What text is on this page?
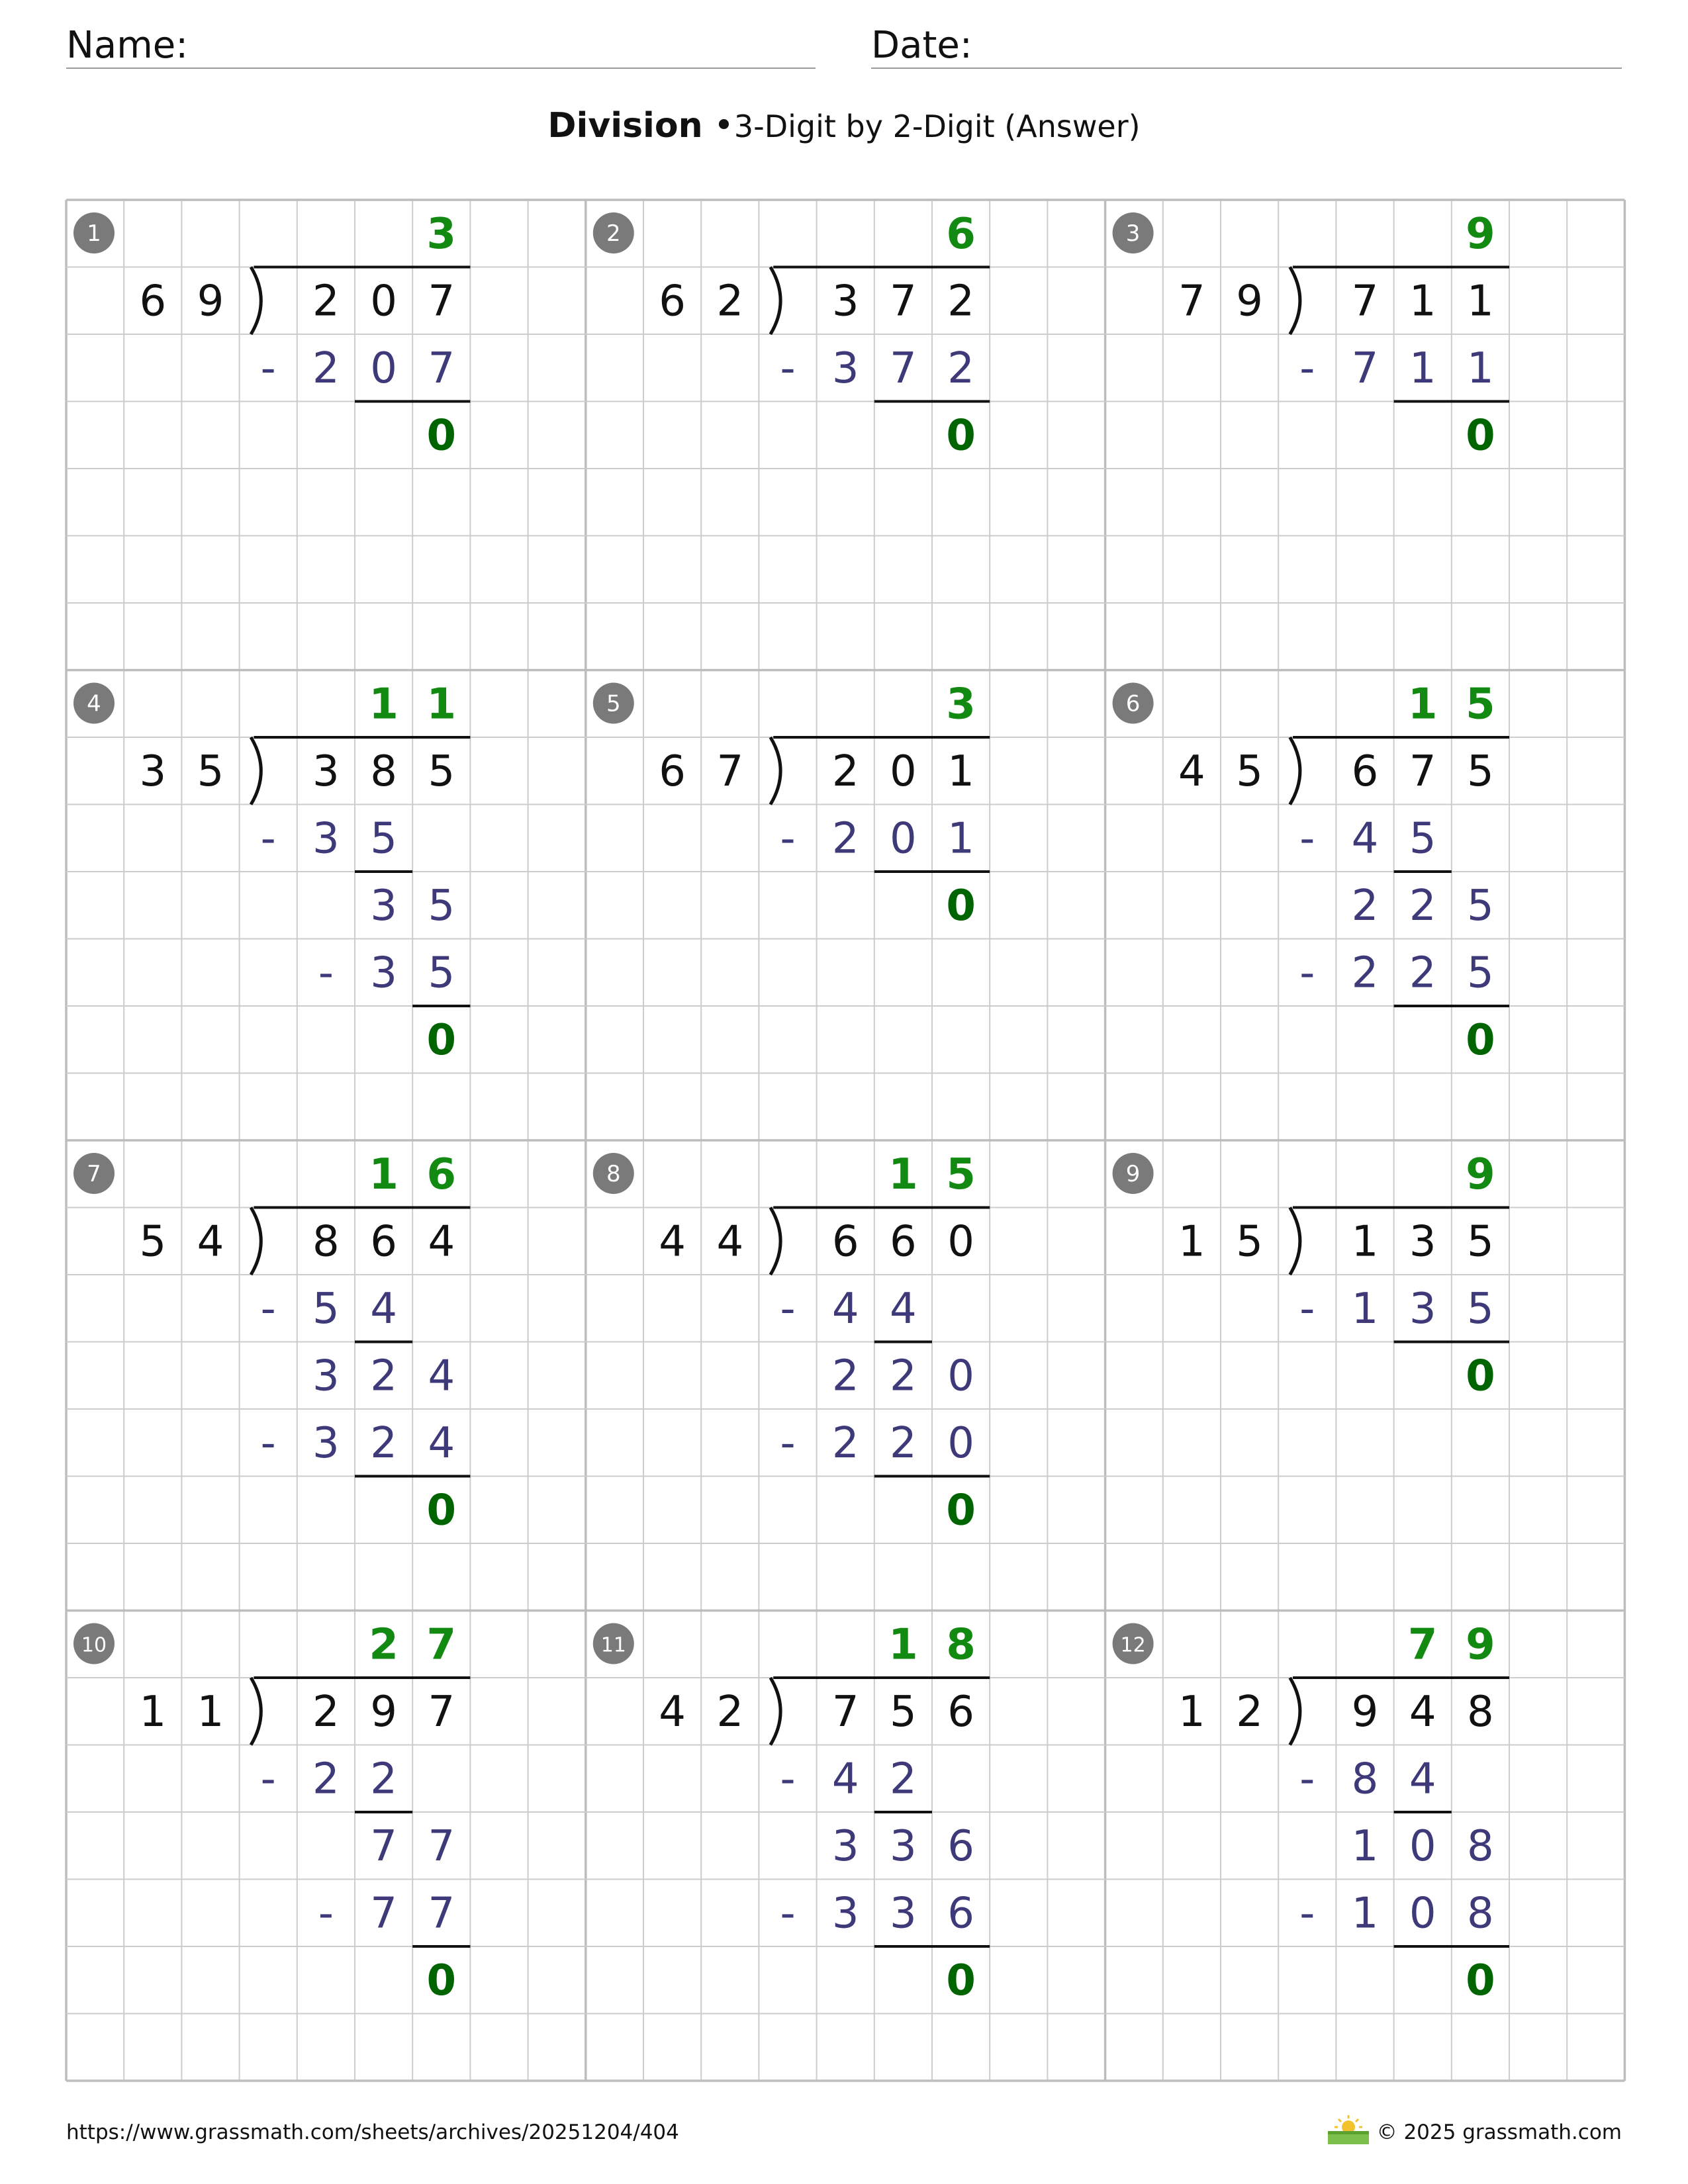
Name:	Date:
Division •3-Digit by 2-Digit (Answer)
1	3
6 9 2 0 7
- 2 0 7
0
2	6
6 2 3 7 2
- 3 7 2
0
3	9
7 9 7 1 1
- 7 1 1
0
4	1 1
3 5 3 8 5
- 3 5
3 5
- 3 5
0
5	3
6 7 2 0 1
- 2 0 1
0
6	1 5
4 5 6 7 5
- 4 5
2 2 5
- 2 2 5
0
7	1 6
5 4 8 6 4
- 5 4
3 2 4
- 3 2 4
0
8	1 5
4 4 6 6 0
- 4 4
2 2 0
- 2 2 0
0
9	9
1 5 1 3 5
- 1 3 5
0
10	2 7
1 1 2 9 7
- 2 2
7 7
- 7 7
0
11	1 8
4 2 7 5 6
- 4 2
3 3 6
- 3 3 6
0
12	7 9
1 2 9 4 8
- 8 4
1 0 8
- 1 0 8
0
https://www.grassmath.com/sheets/archives/20251204/404	© 2025 grassmath.com
